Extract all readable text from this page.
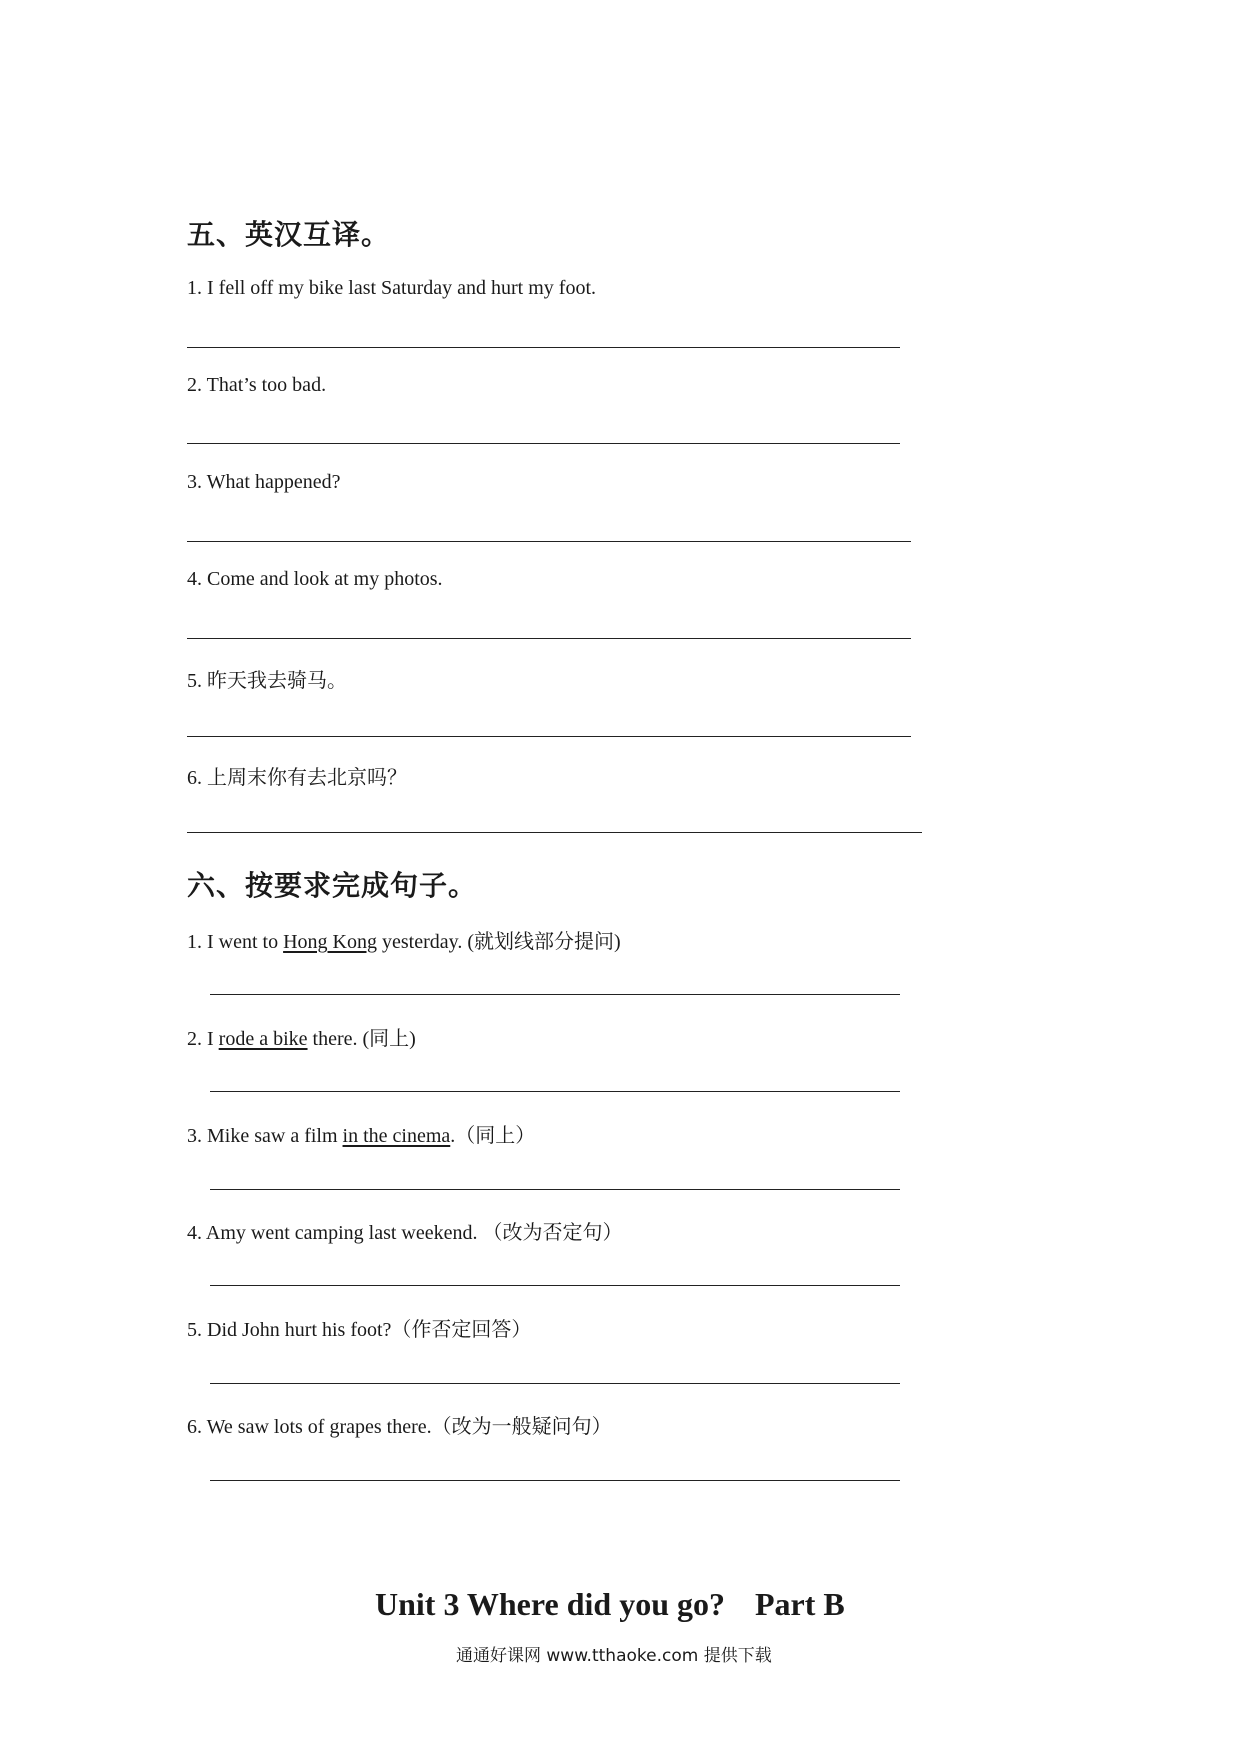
五、英汉互译。
1. I fell off my bike last Saturday and hurt my foot.
2. That’s too bad.
3. What happened?
4. Come and look at my photos.
5. 昨天我去骑马。
6. 上周末你有去北京吗？
六、按要求完成句子。
1. I went to Hong Kong yesterday. (就划线部分提问)
2. I rode a bike there. (同上)
3. Mike saw a film in the cinema.（同上）
4. Amy went camping last weekend. （改为否定句）
5. Did John hurt his foot?（作否定回答）
6. We saw lots of grapes there.（改为一般疑问句）
Unit 3 Where did you go? Part B
通通好课网 www.tthaoke.com 提供下载
